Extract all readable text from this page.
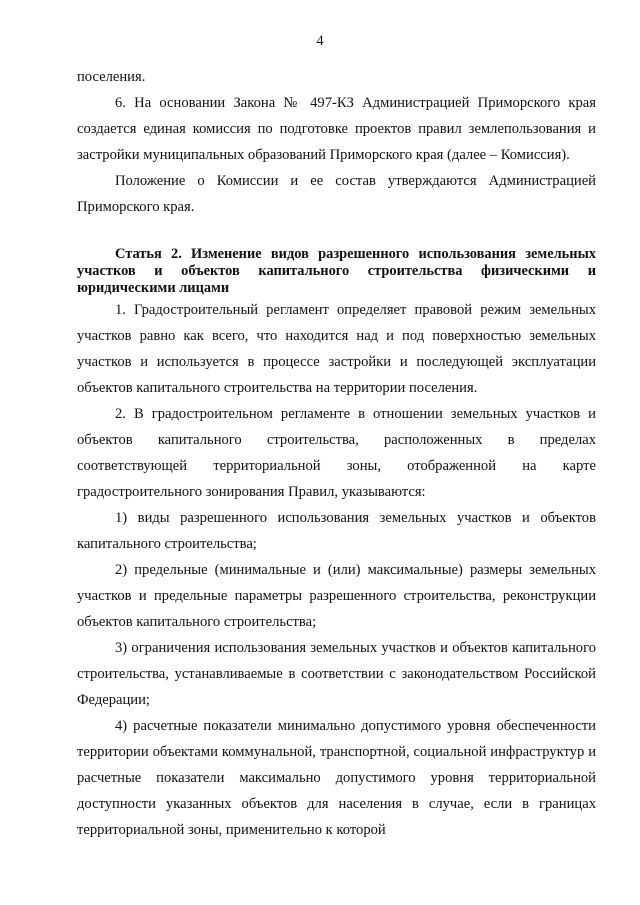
4

поселения.

6. На основании Закона № 497-КЗ Администрацией Приморского края создается единая комиссия по подготовке проектов правил землепользования и застройки муниципальных образований Приморского края (далее – Комиссия).

Положение о Комиссии и ее состав утверждаются Администрацией Приморского края.

Статья 2. Изменение видов разрешенного использования земельных участков и объектов капитального строительства физическими и юридическими лицами

1. Градостроительный регламент определяет правовой режим земельных участков равно как всего, что находится над и под поверхностью земельных участков и используется в процессе застройки и последующей эксплуатации объектов капитального строительства на территории поселения.

2. В градостроительном регламенте в отношении земельных участков и объектов капитального строительства, расположенных в пределах соответствующей территориальной зоны, отображенной на карте градостроительного зонирования Правил, указываются:

1) виды разрешенного использования земельных участков и объектов капитального строительства;

2) предельные (минимальные и (или) максимальные) размеры земельных участков и предельные параметры разрешенного строительства, реконструкции объектов капитального строительства;

3) ограничения использования земельных участков и объектов капитального строительства, устанавливаемые в соответствии с законодательством Российской Федерации;

4) расчетные показатели минимально допустимого уровня обеспеченности территории объектами коммунальной, транспортной, социальной инфраструктур и расчетные показатели максимально допустимого уровня территориальной доступности указанных объектов для населения в случае, если в границах территориальной зоны, применительно к которой
